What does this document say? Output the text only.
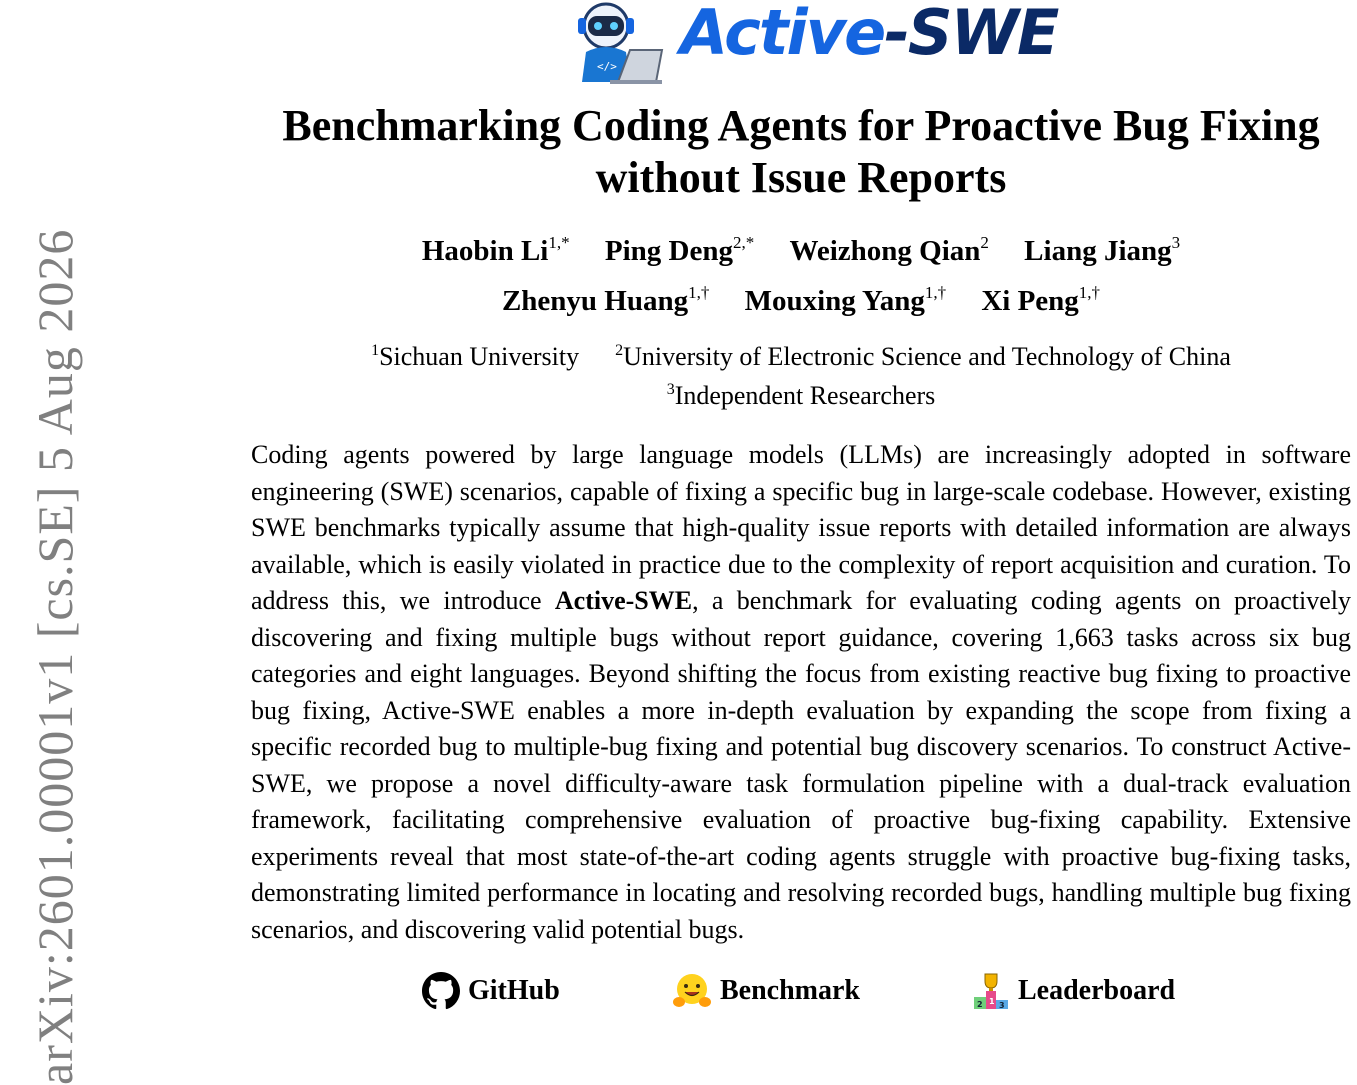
arXiv:2601.00001v1 [cs.SE] 5 Aug 2026
</> Active-SWE
Benchmarking Coding Agents for Proactive Bug Fixing
without Issue Reports
Haobin $Li^{1,*}$ Ping Deng$^{2,*}$ Weizhong Qian$^2$ Liang Jiang$^3$
Zhenyu Huang$^{1,\dagger}$ Mouxing Yang$^{1,\dagger}$ Xi Peng$^{1,\dagger}$
$^1$Sichuan University $^2$University of Electronic Science and Technology of China
$^3$Independent Researchers

Coding agents powered by large language models (LLMs) are increasingly adopted in software engineering (SWE) scenarios, capable of fixing a specific bug in large-scale codebase. However, existing SWE benchmarks typically assume that high-quality issue reports with detailed information are always available, which is easily violated in practice due to the complexity of report acquisition and curation. To address this, we introduce Active-SWE, a benchmark for evaluating coding agents on proactively discovering and fixing multiple bugs without report guidance, covering 1,663 tasks across six bug categories and eight languages. Beyond shifting the focus from existing reactive bug fixing to proactive bug fixing, Active-SWE enables a more in-depth evaluation by expanding the scope from fixing a specific recorded bug to multiple-bug fixing and potential bug discovery scenarios. To construct Active-SWE, we propose a novel difficulty-aware task formulation pipeline with a dual-track evaluation framework, facilitating comprehensive evaluation of proactive bug-fixing capability. Extensive experiments reveal that most state-of-the-art coding agents struggle with proactive bug-fixing tasks, demonstrating limited performance in locating and resolving recorded bugs, handling multiple bug fixing scenarios, and discovering valid potential bugs.

GitHub	Benchmark	1
2 3 Leaderboard
